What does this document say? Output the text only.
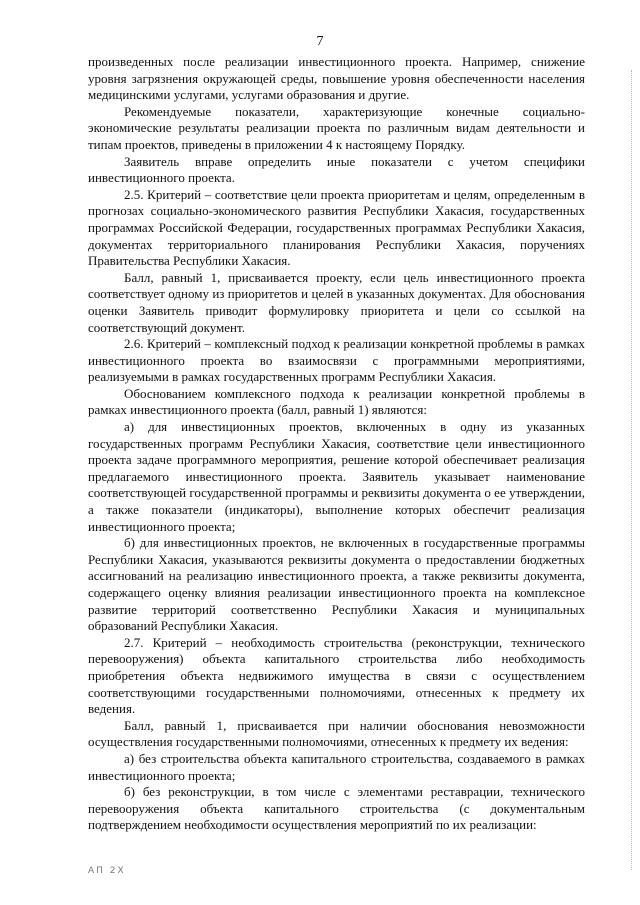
7

произведенных после реализации инвестиционного проекта. Например, снижение уровня загрязнения окружающей среды, повышение уровня обеспеченности населения медицинскими услугами, услугами образования и другие.

Рекомендуемые показатели, характеризующие конечные социально-экономические результаты реализации проекта по различным видам деятельности и типам проектов, приведены в приложении 4 к настоящему Порядку.

Заявитель вправе определить иные показатели с учетом специфики инвестиционного проекта.

2.5. Критерий – соответствие цели проекта приоритетам и целям, определенным в прогнозах социально-экономического развития Республики Хакасия, государственных программах Российской Федерации, государственных программах Республики Хакасия, документах территориального планирования Республики Хакасия, поручениях Правительства Республики Хакасия.

Балл, равный 1, присваивается проекту, если цель инвестиционного проекта соответствует одному из приоритетов и целей в указанных документах. Для обоснования оценки Заявитель приводит формулировку приоритета и цели со ссылкой на соответствующий документ.

2.6. Критерий – комплексный подход к реализации конкретной проблемы в рамках инвестиционного проекта во взаимосвязи с программными мероприятиями, реализуемыми в рамках государственных программ Республики Хакасия.

Обоснованием комплексного подхода к реализации конкретной проблемы в рамках инвестиционного проекта (балл, равный 1) являются:

а) для инвестиционных проектов, включенных в одну из указанных государственных программ Республики Хакасия, соответствие цели инвестиционного проекта задаче программного мероприятия, решение которой обеспечивает реализация предлагаемого инвестиционного проекта. Заявитель указывает наименование соответствующей государственной программы и реквизиты документа о ее утверждении, а также показатели (индикаторы), выполнение которых обеспечит реализация инвестиционного проекта;

б) для инвестиционных проектов, не включенных в государственные программы Республики Хакасия, указываются реквизиты документа о предоставлении бюджетных ассигнований на реализацию инвестиционного проекта, а также реквизиты документа, содержащего оценку влияния реализации инвестиционного проекта на комплексное развитие территорий соответственно Республики Хакасия и муниципальных образований Республики Хакасия.

2.7. Критерий – необходимость строительства (реконструкции, технического перевооружения) объекта капитального строительства либо необходимость приобретения объекта недвижимого имущества в связи с осуществлением соответствующими государственными полномочиями, отнесенных к предмету их ведения.

Балл, равный 1, присваивается при наличии обоснования невозможности осуществления государственными полномочиями, отнесенных к предмету их ведения:

а) без строительства объекта капитального строительства, создаваемого в рамках инвестиционного проекта;

б) без реконструкции, в том числе с элементами реставрации, технического перевооружения объекта капитального строительства (с документальным подтверждением необходимости осуществления мероприятий по их реализации:

АП 2Х
